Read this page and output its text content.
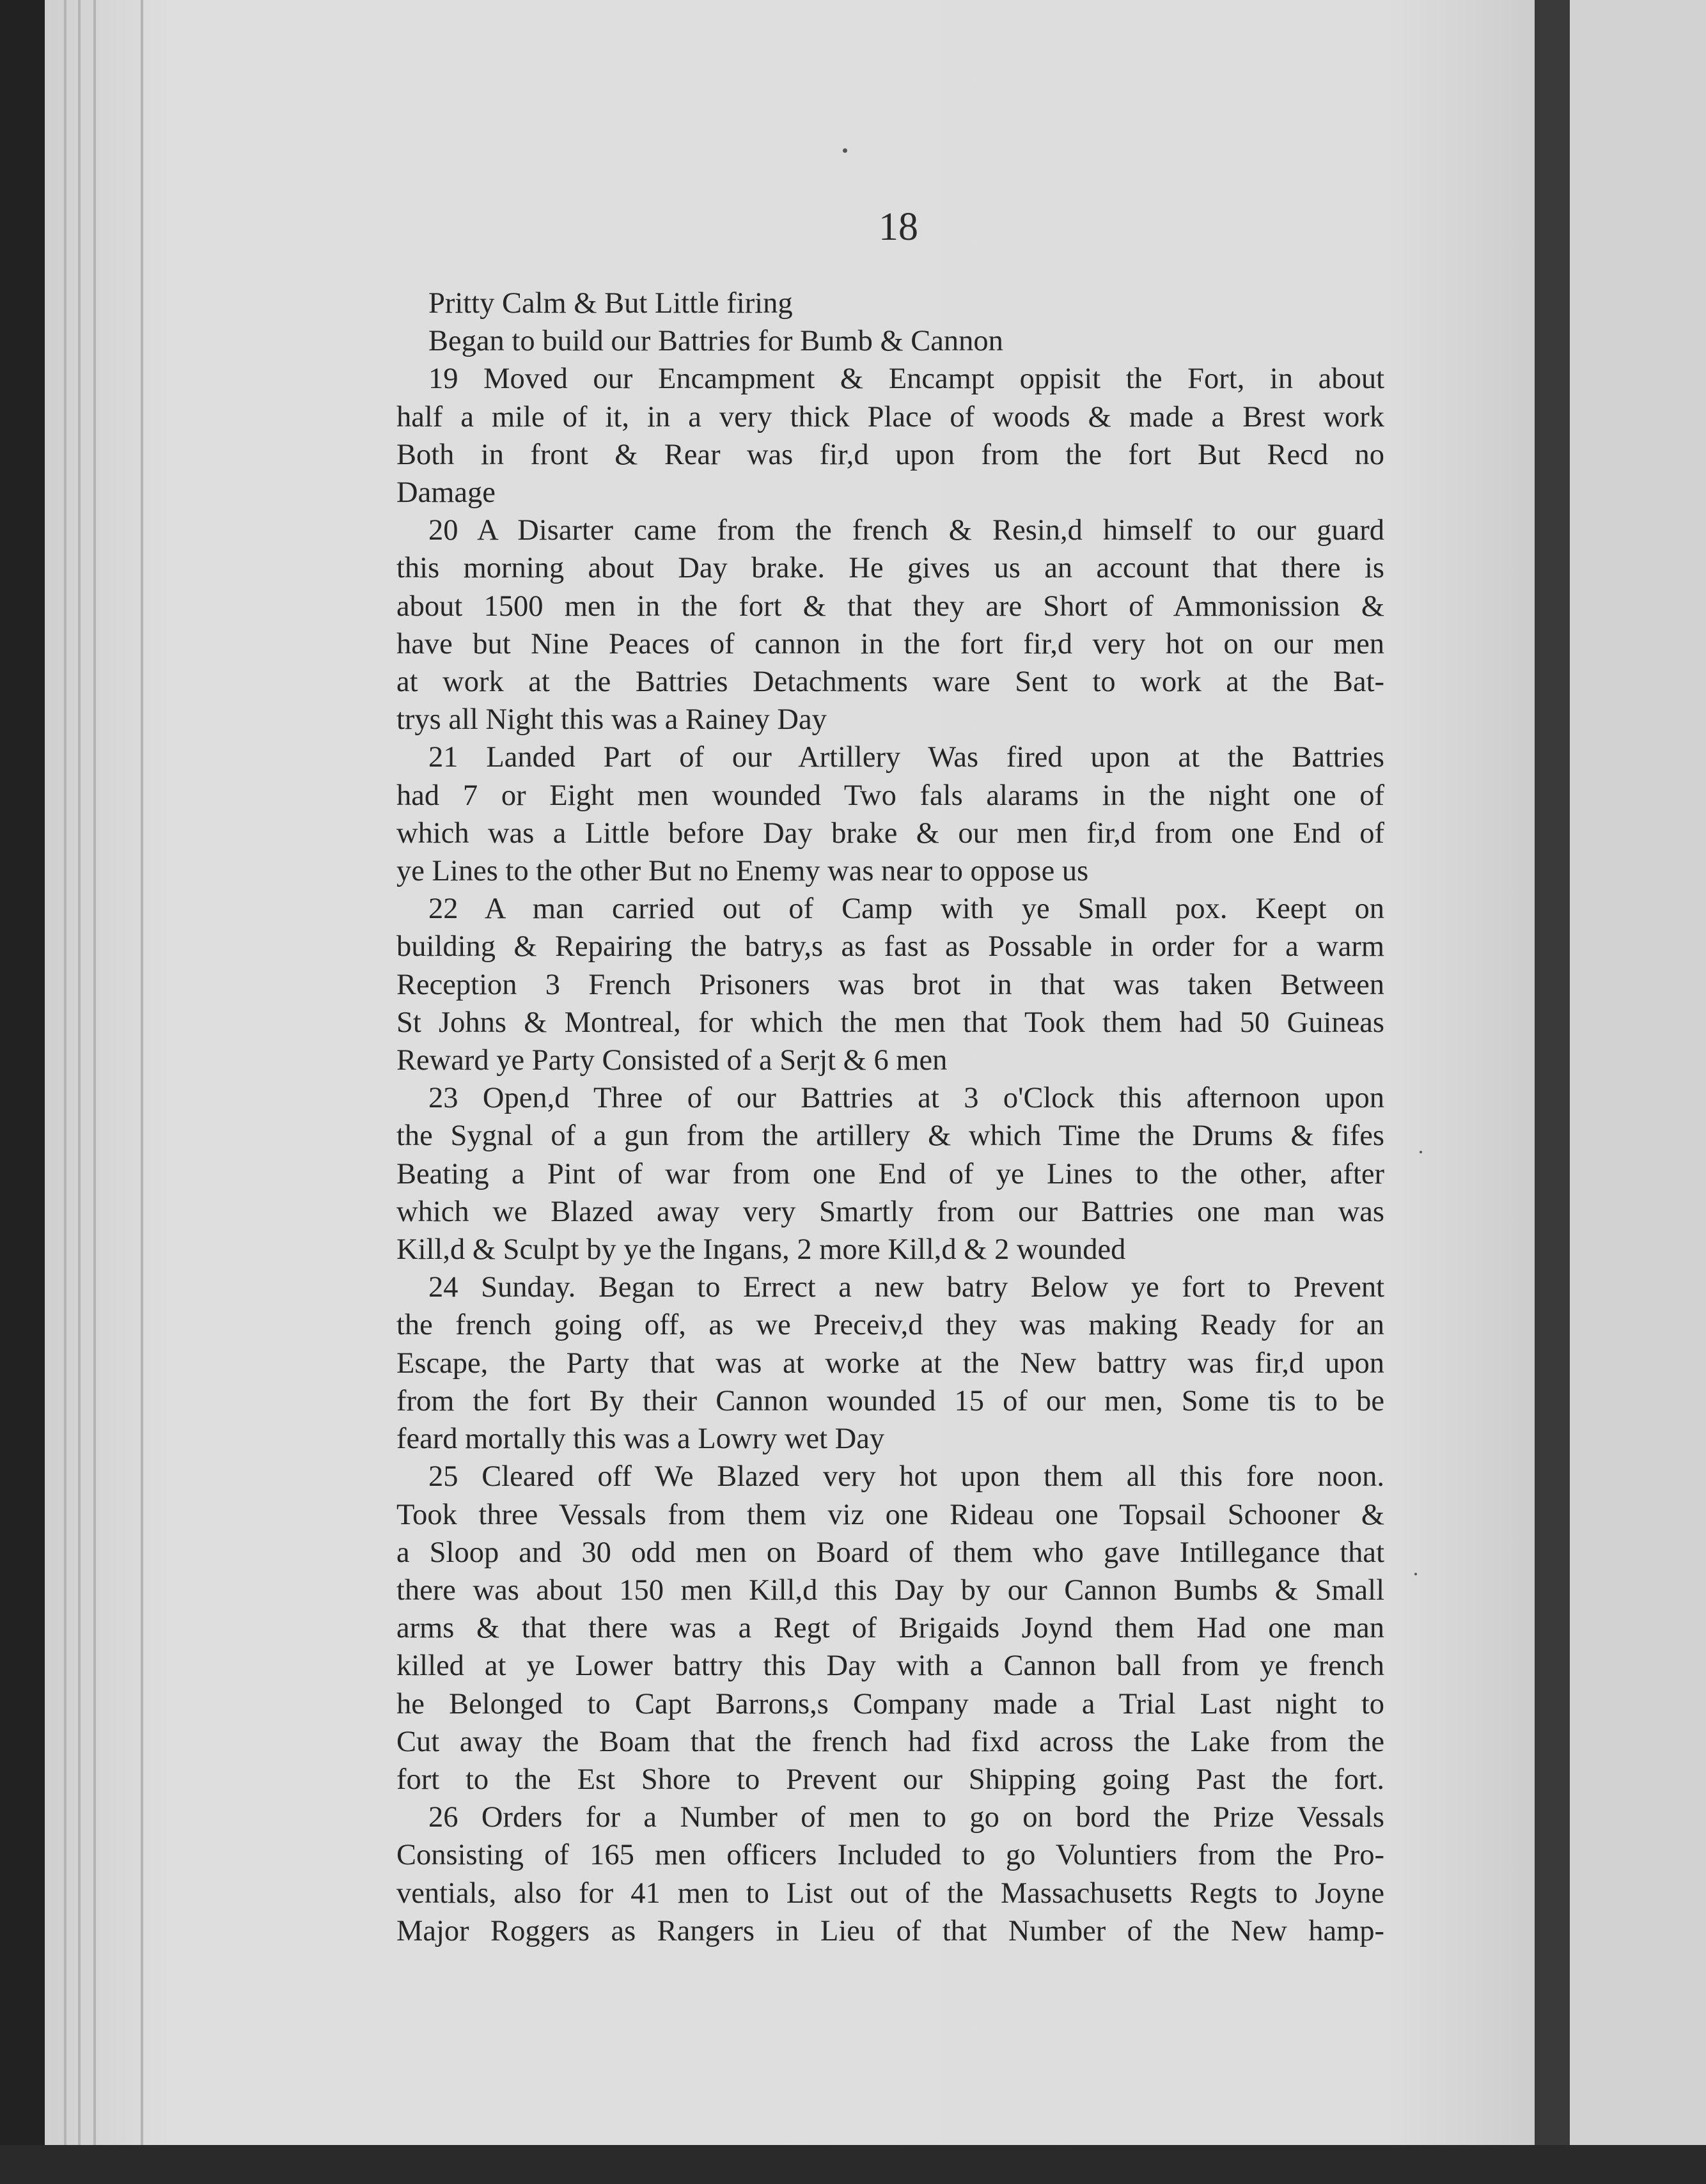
18
Pritty Calm & But Little firing
Began to build our Battries for Bumb & Cannon
19 Moved our Encampment & Encampt oppisit the Fort, in about
half a mile of it, in a very thick Place of woods & made a Brest work
Both in front & Rear was fir,d upon from the fort But Recd no
Damage
20 A Disarter came from the french & Resin,d himself to our guard
this morning about Day brake. He gives us an account that there is
about 1500 men in the fort & that they are Short of Ammonission &
have but Nine Peaces of cannon in the fort fir,d very hot on our men
at work at the Battries Detachments ware Sent to work at the Bat-
trys all Night this was a Rainey Day
21 Landed Part of our Artillery Was fired upon at the Battries
had 7 or Eight men wounded Two fals alarams in the night one of
which was a Little before Day brake & our men fir,d from one End of
ye Lines to the other But no Enemy was near to oppose us
22 A man carried out of Camp with ye Small pox. Keept on
building & Repairing the batry,s as fast as Possable in order for a warm
Reception 3 French Prisoners was brot in that was taken Between
St Johns & Montreal, for which the men that Took them had 50 Guineas
Reward ye Party Consisted of a Serjt & 6 men
23 Open,d Three of our Battries at 3 o'Clock this afternoon upon
the Sygnal of a gun from the artillery & which Time the Drums & fifes
Beating a Pint of war from one End of ye Lines to the other, after
which we Blazed away very Smartly from our Battries one man was
Kill,d & Sculpt by ye the Ingans, 2 more Kill,d & 2 wounded
24 Sunday. Began to Errect a new batry Below ye fort to Prevent
the french going off, as we Preceiv,d they was making Ready for an
Escape, the Party that was at worke at the New battry was fir,d upon
from the fort By their Cannon wounded 15 of our men, Some tis to be
feard mortally this was a Lowry wet Day
25 Cleared off We Blazed very hot upon them all this fore noon.
Took three Vessals from them viz one Rideau one Topsail Schooner &
a Sloop and 30 odd men on Board of them who gave Intillegance that
there was about 150 men Kill,d this Day by our Cannon Bumbs & Small
arms & that there was a Regt of Brigaids Joynd them Had one man
killed at ye Lower battry this Day with a Cannon ball from ye french
he Belonged to Capt Barrons,s Company made a Trial Last night to
Cut away the Boam that the french had fixd across the Lake from the
fort to the Est Shore to Prevent our Shipping going Past the fort.
26 Orders for a Number of men to go on bord the Prize Vessals
Consisting of 165 men officers Included to go Voluntiers from the Pro-
ventials, also for 41 men to List out of the Massachusetts Regts to Joyne
Major Roggers as Rangers in Lieu of that Number of the New hamp-
